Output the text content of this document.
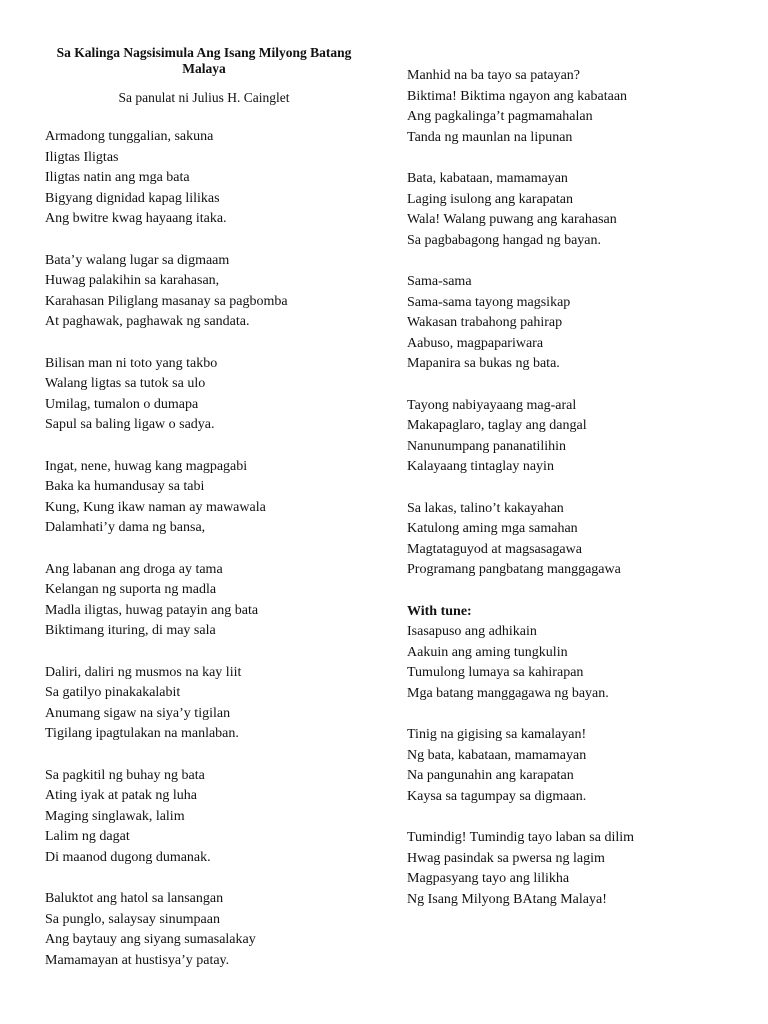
Sa Kalinga Nagsisimula Ang Isang Milyong Batang Malaya

Sa panulat ni Julius H. Cainglet

Armadong tunggalian, sakuna
Iligtas Iligtas
Iligtas natin ang mga bata
Bigyang dignidad kapag lilikas
Ang bwitre kwag hayaang itaka.
Bata’y walang lugar sa digmaam
Huwag palakihin sa karahasan,
Karahasan Piliglang masanay sa pagbomba
At paghawak, paghawak ng sandata.
Bilisan man ni toto yang takbo
Walang ligtas sa tutok sa ulo
Umilag, tumalon o dumapa
Sapul sa baling ligaw o sadya.
Ingat, nene, huwag kang magpagabi
Baka ka humandusay sa tabi
Kung, Kung ikaw naman ay mawawala
Dalamhati’y dama ng bansa,
Ang labanan ang droga ay tama
Kelangan ng suporta ng madla
Madla iligtas, huwag patayin ang bata
Biktimang ituring, di may sala
Daliri, daliri ng musmos na kay liit
Sa gatilyo pinakakalabit
Anumang sigaw na siya’y tigilan
Tigilang ipagtulakan na manlaban.
Sa pagkitil ng buhay ng bata
Ating iyak at patak ng luha
Maging singlawak, lalim
Lalim ng dagat
Di maanod dugong dumanak.
Baluktot ang hatol sa lansangan
Sa punglo, salaysay sinumpaan
Ang baytauy ang siyang sumasalakay
Mamamayan at hustisya’y patay.
Manhid na ba tayo sa patayan?
Biktima! Biktima ngayon ang kabataan
Ang pagkalinga’t pagmamahalan
Tanda ng maunlan na lipunan
Bata, kabataan, mamamayan
Laging isulong ang karapatan
Wala! Walang puwang ang karahasan
Sa pagbabagong hangad ng bayan.
Sama-sama
Sama-sama tayong magsikap
Wakasan trabahong pahirap
Aabuso, magpapariwara
Mapanira sa bukas ng bata.
Tayong nabiyayaang mag-aral
Makapaglaro, taglay ang dangal
Nanunumpang pananatilihin
Kalayaang tintaglay nayin
Sa lakas, talino’t kakayahan
Katulong aming mga samahan
Magtataguyod at magsasagawa
Programang pangbatang manggagawa
With tune:
Isasapuso ang adhikain
Aakuin ang aming tungkulin
Tumulong lumaya sa kahirapan
Mga batang manggagawa ng bayan.
Tinig na gigising sa kamalayan!
Ng bata, kabataan, mamamayan
Na pangunahin ang karapatan
Kaysa sa tagumpay sa digmaan.
Tumindig! Tumindig tayo laban sa dilim
Hwag pasindak sa pwersa ng lagim
Magpasyang tayo ang lilikha
Ng Isang Milyong BAtang Malaya!
